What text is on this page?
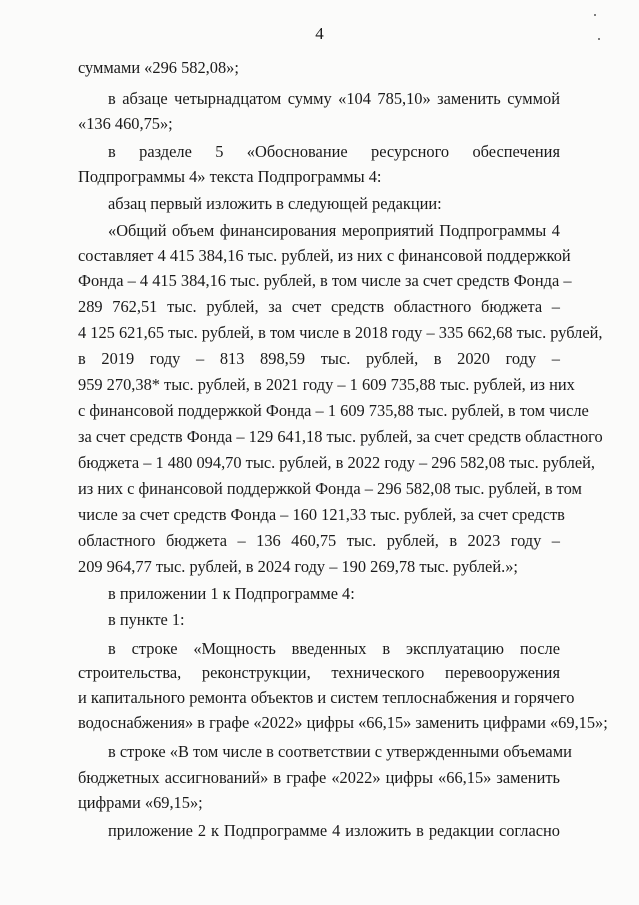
4
суммами «296 582,08»;
в абзаце четырнадцатом сумму «104 785,10» заменить суммой
«136 460,75»;
в разделе 5 «Обоснование ресурсного обеспечения
Подпрограммы 4» текста Подпрограммы 4:
абзац первый изложить в следующей редакции:
«Общий объем финансирования мероприятий Подпрограммы 4
составляет 4 415 384,16 тыс. рублей, из них с финансовой поддержкой
Фонда – 4 415 384,16 тыс. рублей, в том числе за счет средств Фонда –
289 762,51 тыс. рублей, за счет средств областного бюджета –
4 125 621,65 тыс. рублей, в том числе в 2018 году – 335 662,68 тыс. рублей,
в 2019 году – 813 898,59 тыс. рублей, в 2020 году –
959 270,38* тыс. рублей, в 2021 году – 1 609 735,88 тыс. рублей, из них
с финансовой поддержкой Фонда – 1 609 735,88 тыс. рублей, в том числе
за счет средств Фонда – 129 641,18 тыс. рублей, за счет средств областного
бюджета – 1 480 094,70 тыс. рублей, в 2022 году – 296 582,08 тыс. рублей,
из них с финансовой поддержкой Фонда – 296 582,08 тыс. рублей, в том
числе за счет средств Фонда – 160 121,33 тыс. рублей, за счет средств
областного бюджета – 136 460,75 тыс. рублей, в 2023 году –
209 964,77 тыс. рублей, в 2024 году – 190 269,78 тыс. рублей.»;
в приложении 1 к Подпрограмме 4:
в пункте 1:
в строке «Мощность введенных в эксплуатацию после
строительства, реконструкции, технического перевооружения
и капитального ремонта объектов и систем теплоснабжения и горячего
водоснабжения» в графе «2022» цифры «66,15» заменить цифрами «69,15»;
в строке «В том числе в соответствии с утвержденными объемами
бюджетных ассигнований» в графе «2022» цифры «66,15» заменить
цифрами «69,15»;
приложение 2 к Подпрограмме 4 изложить в редакции согласно
